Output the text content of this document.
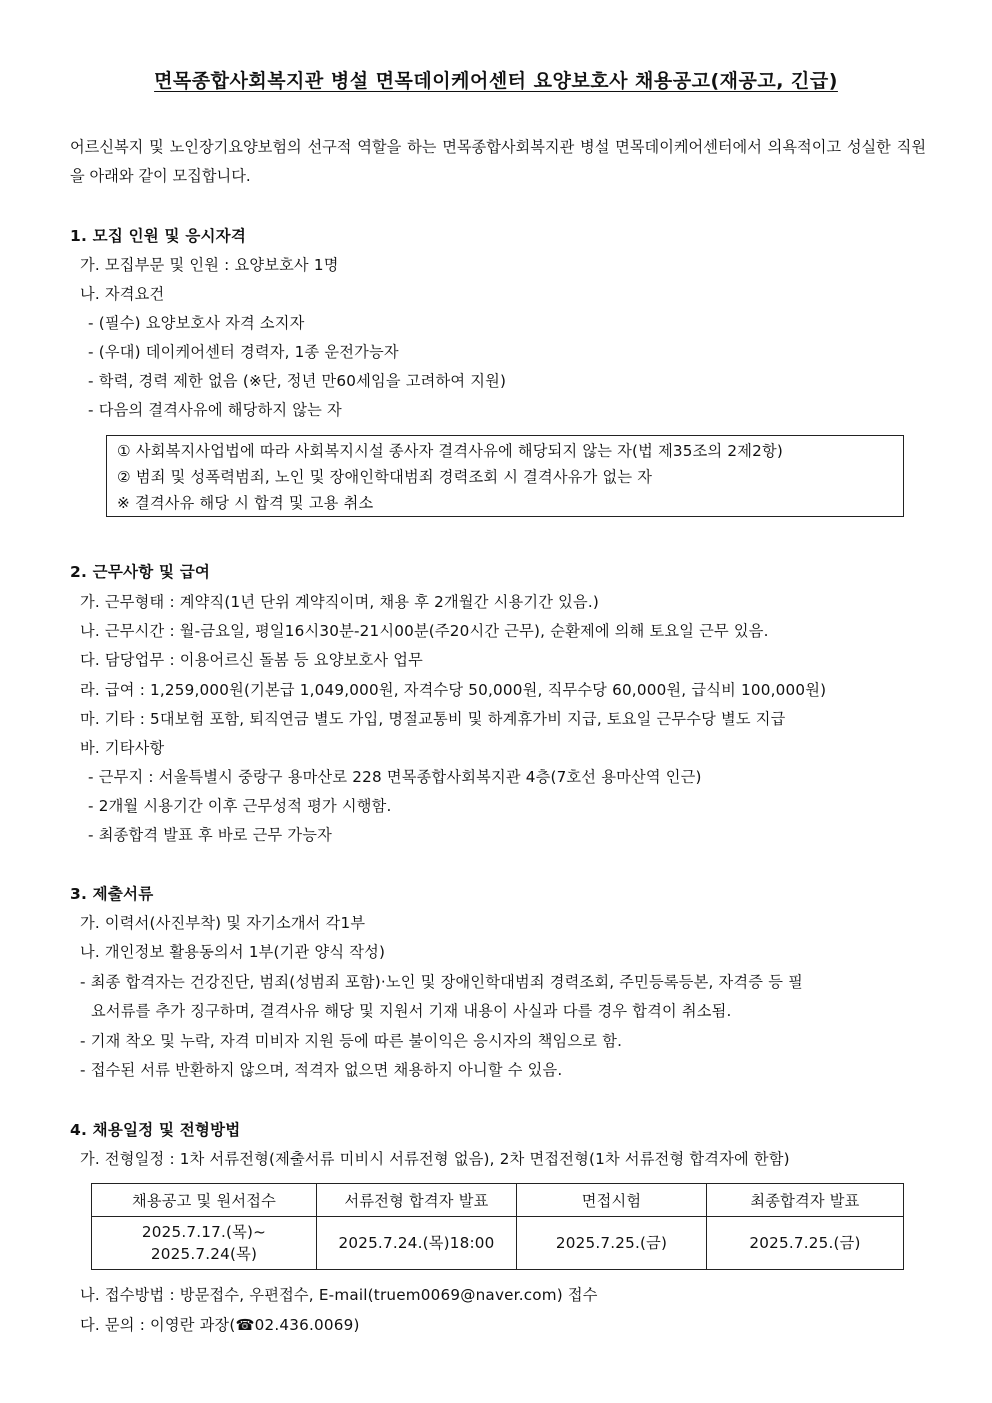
면목종합사회복지관 병설 면목데이케어센터 요양보호사 채용공고(재공고, 긴급)
어르신복지 및 노인장기요양보험의 선구적 역할을 하는 면목종합사회복지관 병설 면목데이케어센터에서 의욕적이고 성실한 직원을 아래와 같이 모집합니다.
1. 모집 인원 및 응시자격
가. 모집부문 및 인원 : 요양보호사 1명
나. 자격요건
- (필수) 요양보호사 자격 소지자
- (우대) 데이케어센터 경력자, 1종 운전가능자
- 학력, 경력 제한 없음 (※단, 정년 만60세임을 고려하여 지원)
- 다음의 결격사유에 해당하지 않는 자
① 사회복지사업법에 따라 사회복지시설 종사자 결격사유에 해당되지 않는 자(법 제35조의 2제2항)
② 범죄 및 성폭력범죄, 노인 및 장애인학대범죄 경력조회 시 결격사유가 없는 자
※ 결격사유 해당 시 합격 및 고용 취소
2. 근무사항 및 급여
가. 근무형태 : 계약직(1년 단위 계약직이며, 채용 후 2개월간 시용기간 있음.)
나. 근무시간 : 월-금요일, 평일16시30분-21시00분(주20시간 근무), 순환제에 의해 토요일 근무 있음.
다. 담당업무 : 이용어르신 돌봄 등 요양보호사 업무
라. 급여 : 1,259,000원(기본급 1,049,000원, 자격수당 50,000원, 직무수당 60,000원, 급식비 100,000원)
마. 기타 : 5대보험 포함, 퇴직연금 별도 가입, 명절교통비 및 하계휴가비 지급, 토요일 근무수당 별도 지급
바. 기타사항
- 근무지 : 서울특별시 중랑구 용마산로 228 면목종합사회복지관 4층(7호선 용마산역 인근)
- 2개월 시용기간 이후 근무성적 평가 시행함.
- 최종합격 발표 후 바로 근무 가능자
3. 제출서류
가. 이력서(사진부착) 및 자기소개서 각1부
나. 개인정보 활용동의서 1부(기관 양식 작성)
- 최종 합격자는 건강진단, 범죄(성범죄 포함)·노인 및 장애인학대범죄 경력조회, 주민등록등본, 자격증 등 필
요서류를 추가 징구하며, 결격사유 해당 및 지원서 기재 내용이 사실과 다를 경우 합격이 취소됨.
- 기재 착오 및 누락, 자격 미비자 지원 등에 따른 불이익은 응시자의 책임으로 함.
- 접수된 서류 반환하지 않으며, 적격자 없으면 채용하지 아니할 수 있음.
4. 채용일정 및 전형방법
가. 전형일정 : 1차 서류전형(제출서류 미비시 서류전형 없음), 2차 면접전형(1차 서류전형 합격자에 한함)
채용공고 및 원서접수	서류전형 합격자 발표	면접시험	최종합격자 발표

2025.7.17.(목)~
2025.7.24(목)	2025.7.24.(목)18:00	2025.7.25.(금)	2025.7.25.(금)
나. 접수방법 : 방문접수, 우편접수, E-mail(truem0069@naver.com) 접수
다. 문의 : 이영란 과장(☎02.436.0069)
